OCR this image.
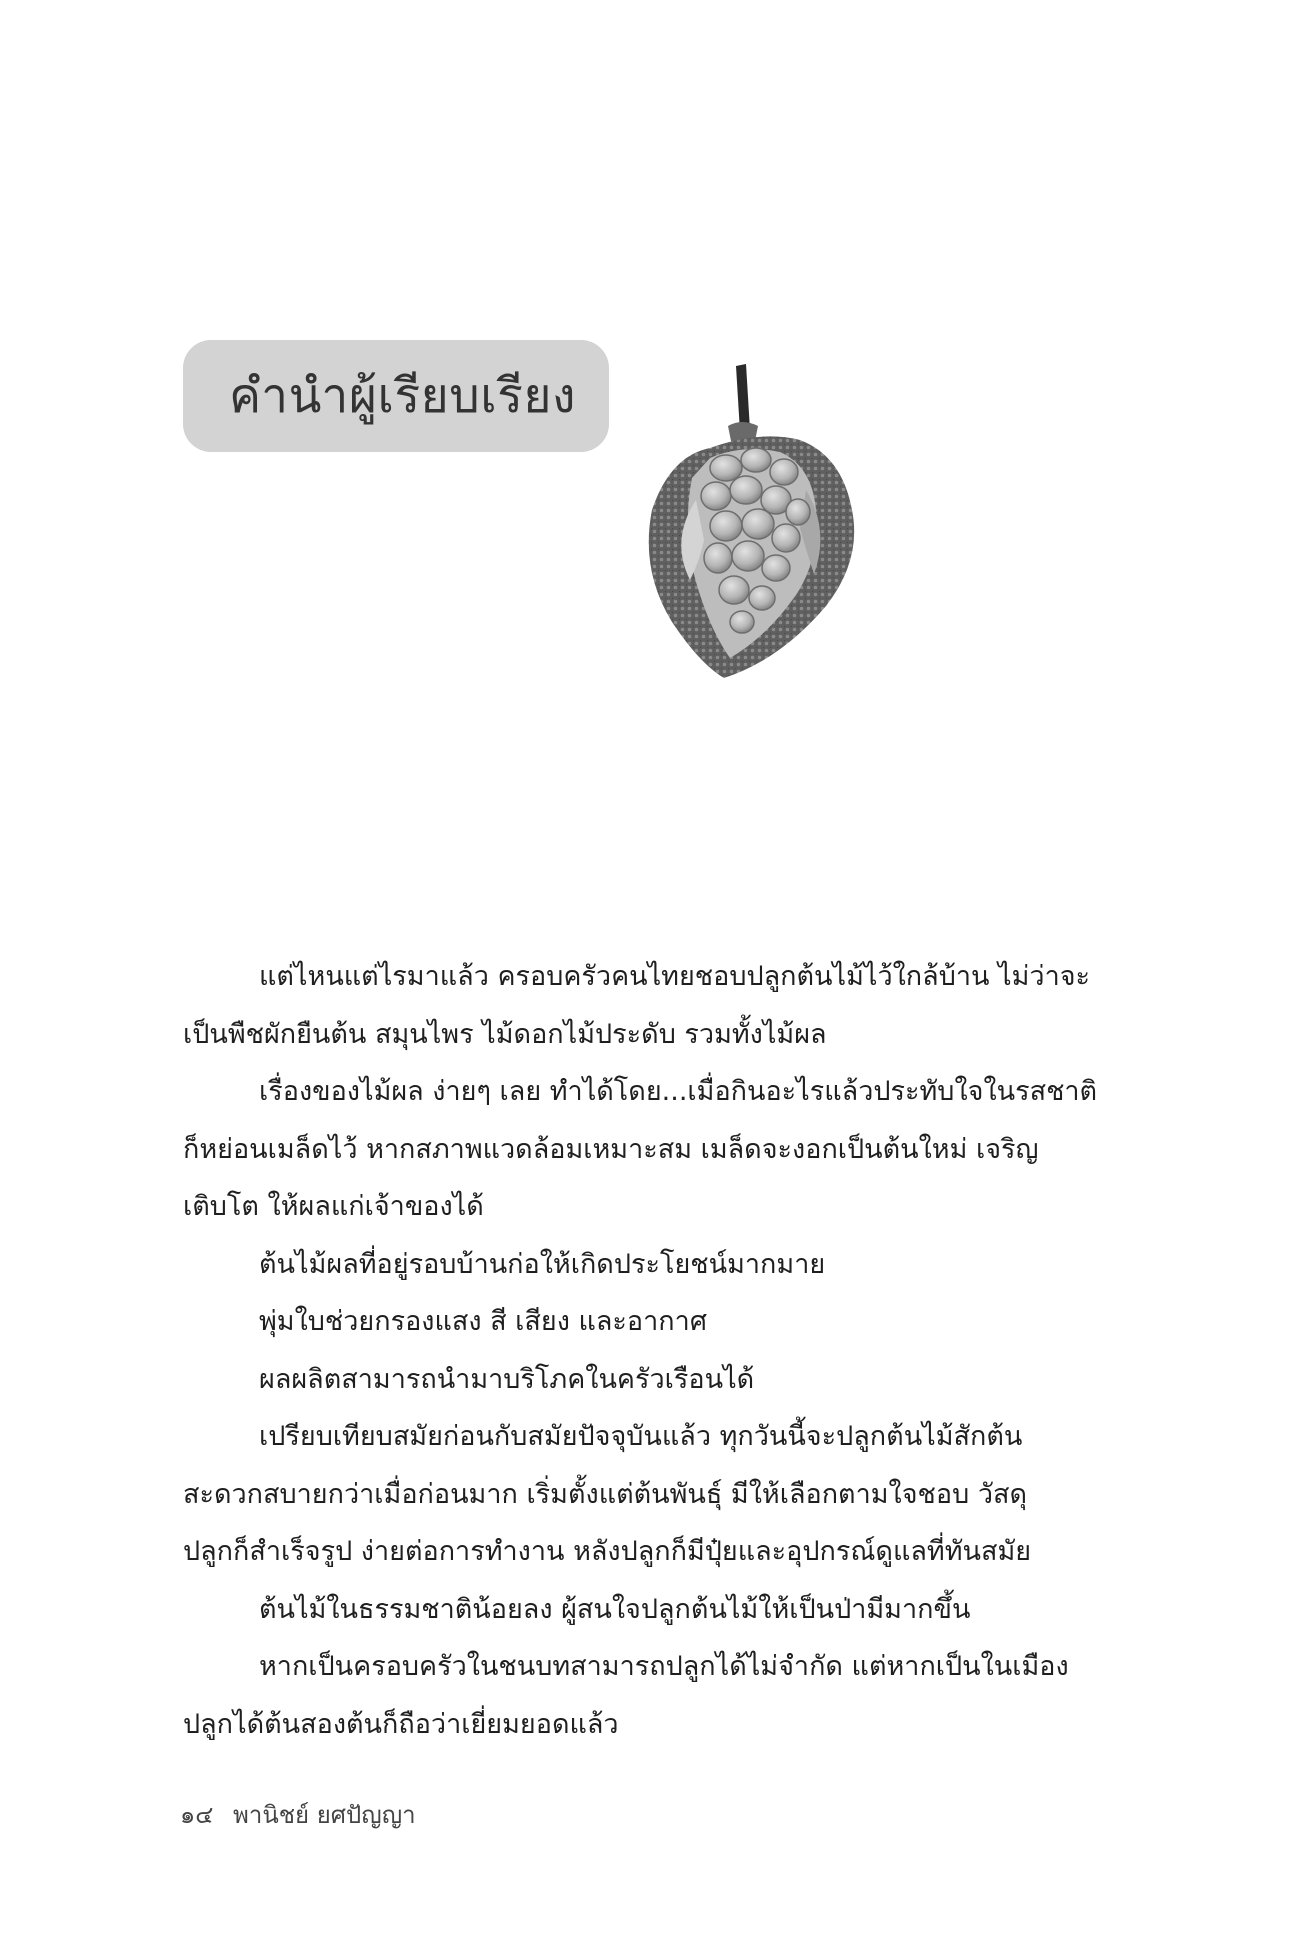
คำนำผู้เรียบเรียง

แต่ไหนแต่ไรมาแล้ว ครอบครัวคนไทยชอบปลูกต้นไม้ไว้ใกล้บ้าน ไม่ว่าจะ

เป็นพืชผักยืนต้น สมุนไพร ไม้ดอกไม้ประดับ รวมทั้งไม้ผล

เรื่องของไม้ผล ง่ายๆ เลย ทำได้โดย...เมื่อกินอะไรแล้วประทับใจในรสชาติ

ก็หย่อนเมล็ดไว้ หากสภาพแวดล้อมเหมาะสม เมล็ดจะงอกเป็นต้นใหม่ เจริญ

เติบโต ให้ผลแก่เจ้าของได้

ต้นไม้ผลที่อยู่รอบบ้านก่อให้เกิดประโยชน์มากมาย

พุ่มใบช่วยกรองแสง สี เสียง และอากาศ

ผลผลิตสามารถนำมาบริโภคในครัวเรือนได้

เปรียบเทียบสมัยก่อนกับสมัยปัจจุบันแล้ว ทุกวันนี้จะปลูกต้นไม้สักต้น

สะดวกสบายกว่าเมื่อก่อนมาก เริ่มตั้งแต่ต้นพันธุ์ มีให้เลือกตามใจชอบ วัสดุ

ปลูกก็สำเร็จรูป ง่ายต่อการทำงาน หลังปลูกก็มีปุ๋ยและอุปกรณ์ดูแลที่ทันสมัย

ต้นไม้ในธรรมชาติน้อยลง ผู้สนใจปลูกต้นไม้ให้เป็นป่ามีมากขึ้น

หากเป็นครอบครัวในชนบทสามารถปลูกได้ไม่จำกัด แต่หากเป็นในเมือง

ปลูกได้ต้นสองต้นก็ถือว่าเยี่ยมยอดแล้ว

๑๔ พานิชย์ ยศปัญญา
